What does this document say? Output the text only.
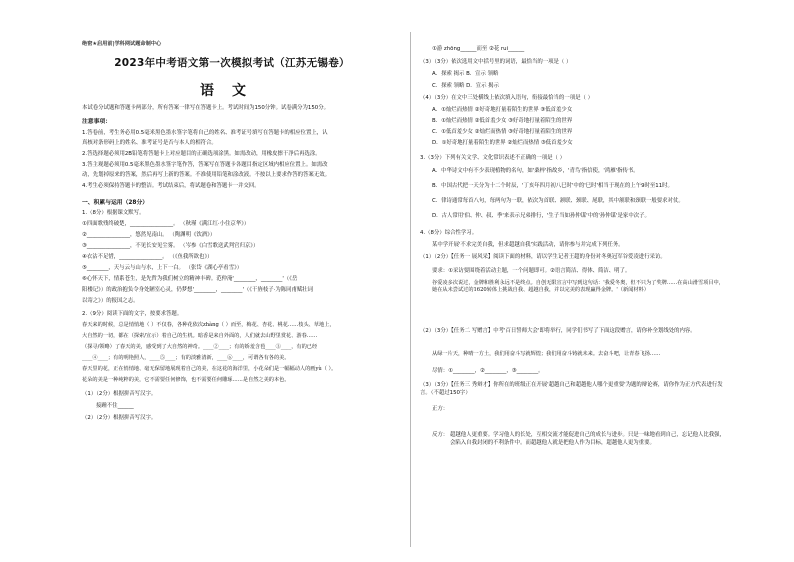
绝密★启用前|学科网试题命制中心
2023年中考语文第一次模拟考试（江苏无锡卷）
语文
本试卷分试题和答题卡两部分，所有答案一律写在答题卡上。考试时间为150分钟。试卷满分为150分。
注意事项：
1.答卷前，考生务必用0.5毫米黑色墨水签字笔将自己的姓名、准考证号填写在答题卡的相应位置上，认
真核对条形码上的姓名、准考证号是否与本人的相符合。
2.答选择题必须用2B铅笔将答题卡上对应题目的正确选项涂黑。如需改动，用橡皮擦干净后再选涂。
3.答主观题必须用0.5毫米黑色墨水签字笔作答，答案写在答题卡各题目指定区域内相应位置上。如需改
动，先划掉原来的答案，然后再写上新的答案。不准使用铅笔和涂改液。不按以上要求作答的答案无效。
4.考生必须保持答题卡的整洁。考试结束后，将试题卷和答题卡一并交回。
一、积累与运用（28分）
1.（8分）根据课文默写。
①四面歌残终破楚，________________。 （秋瑾《满江红·小住京华》）
②________________，悠然见南山。 （陶渊明《饮酒》）
③________________，不见长安见尘雾。 （岑参《白雪歌送武判官归京》）
④衣沾不足惜，________________。 （《鱼我所欲也》）
⑤________，天与云与山与水，上下一白。 （张岱《湖心亭看雪》）
⑥心怀天下，情系苍生，是先哲为我们树立的精神丰碑。范仲淹'________，________'（《岳
阳楼记》）的政治抱负令身处陋室心灵，仍梦想'________，________'（《干旌枝子·为陈同甫赋壮词
以寄之》）的报国之志。
2.（9分）阅读下面的文字，按要求答题。
春天来的时候，总是悄悄地（ ）不仅春，各种花依次zhàng（ ）而至，梅花、杏花、桃花……枝头、草地上，
大自然的一切，都在（探索/宣示）着自己的生机。暗香是来自外面的，人们就去山野里赏花、游春……
（探寻/领略）了春天的美，感受到了大自然的神奇。____②____；有的娇羞含苞____③____，有的已经
____④____；有的明艳照人，____⑤____；有的淡雅清新，____⑥____，可谓各有各的美。
春天里的花，正在悄悄地、毫无保留地展现着自己的美，在这花的海洋里，小花朵们是一幅幅动人的画yù（ ）。
花朵的美是一种纯粹的美，它不需要任何修饰，也不需要任何雕琢……是自然之美的本色。
（1）（2分）根据拼音写汉字。
接踵不住______
（2）（2分）根据拼音写汉字。
①游 zhōng______而至 ②花 rui______
（3）（3分）依次选用文中括号里的词语，最恰当的一项是（ ）
A．探索 揭示 B．宣示 领略
C．探索 领略 D．宣示 揭示
（4）（3分）在文中三处横线上依次填入语句，衔接最恰当的一项是（ ）
A．①灿烂而热情 ②好奇地打量着陌生的世界 ③低首羞少女
B．①灿烂而热情 ②低首羞少女 ③好奇地打量着陌生的世界
C．①低首羞少女 ②灿烂而热情 ③好奇地打量着陌生的世界
D．①好奇地打量着陌生的世界 ②灿烂而热情 ③低首羞少女
3.（3分）下列有关文学、文化常识表述不正确的一项是（ ）
A．中华诗文中有不少表现植物的名句，如'桑梓'指故乡，'青鸟'指信使，'鸿雁'指传书。
B．中国古代把一天分为十二个时辰，'丁亥年四月初八巳时'中的'巳时'相当于现在的上午9时至11时。
C．律诗通常每首八句，每两句为一联，依次为首联、颔联、颈联、尾联，其中颔联和颈联一般要求对仗。
D．古人常用'伯、仲、叔、季'来表示兄弟排行，'生子当如孙仲谋'中的'孙仲谋'是家中次子。
4.（8分）综合性学习。
某中学开展'不求完美自我，但求超越自我'实践活动，请你参与并完成下列任务。
（1）（2分）【任务一 展风采】阅读下面的材料，请以学生记者王超的身份对冬奥冠军谷爱凌进行采访。
要求：①采访要围绕着活动主题，一个问题即可。②语言简洁、得体、简洁、明了。
谷爱凌多次说过，金牌和胜利永远不是终点。自创无限宣言中写到这句话：'我爱冬奥，但不只为了奖牌……在高山滑雪项目中，她在从未尝试过的1620转体上挑战自我、超越自我，并以完美的表现赢得金牌。'（新闻材料）
（2）（3分）【任务二 写赠言】中考'百日誓师大会'即将举行，同学们书写了下面这段赠言，请你补全划线处的内容。
从绿一片天，种晴一方土，我们用奋斗写就辉煌；我们用奋斗铸就未来。去奋斗吧，让青春飞扬……
尽情：①________，②________，③________。
（3）（3分）【任务三 秀辩才】你所在的班级正在开展'超越自己和超越他人哪个更重要'为题的辩论赛，请你作为正方代表进行发言。（不超过150字）
正方：
反方： 超越他人更重要。学习他人的长处，互相交流才能促进自己的成长与进步。只是一味地看到自己，忘记他人比我强，会陷入自我封闭的不利条件中。而超越他人就是把他人作为目标，超越他人更为重要。
